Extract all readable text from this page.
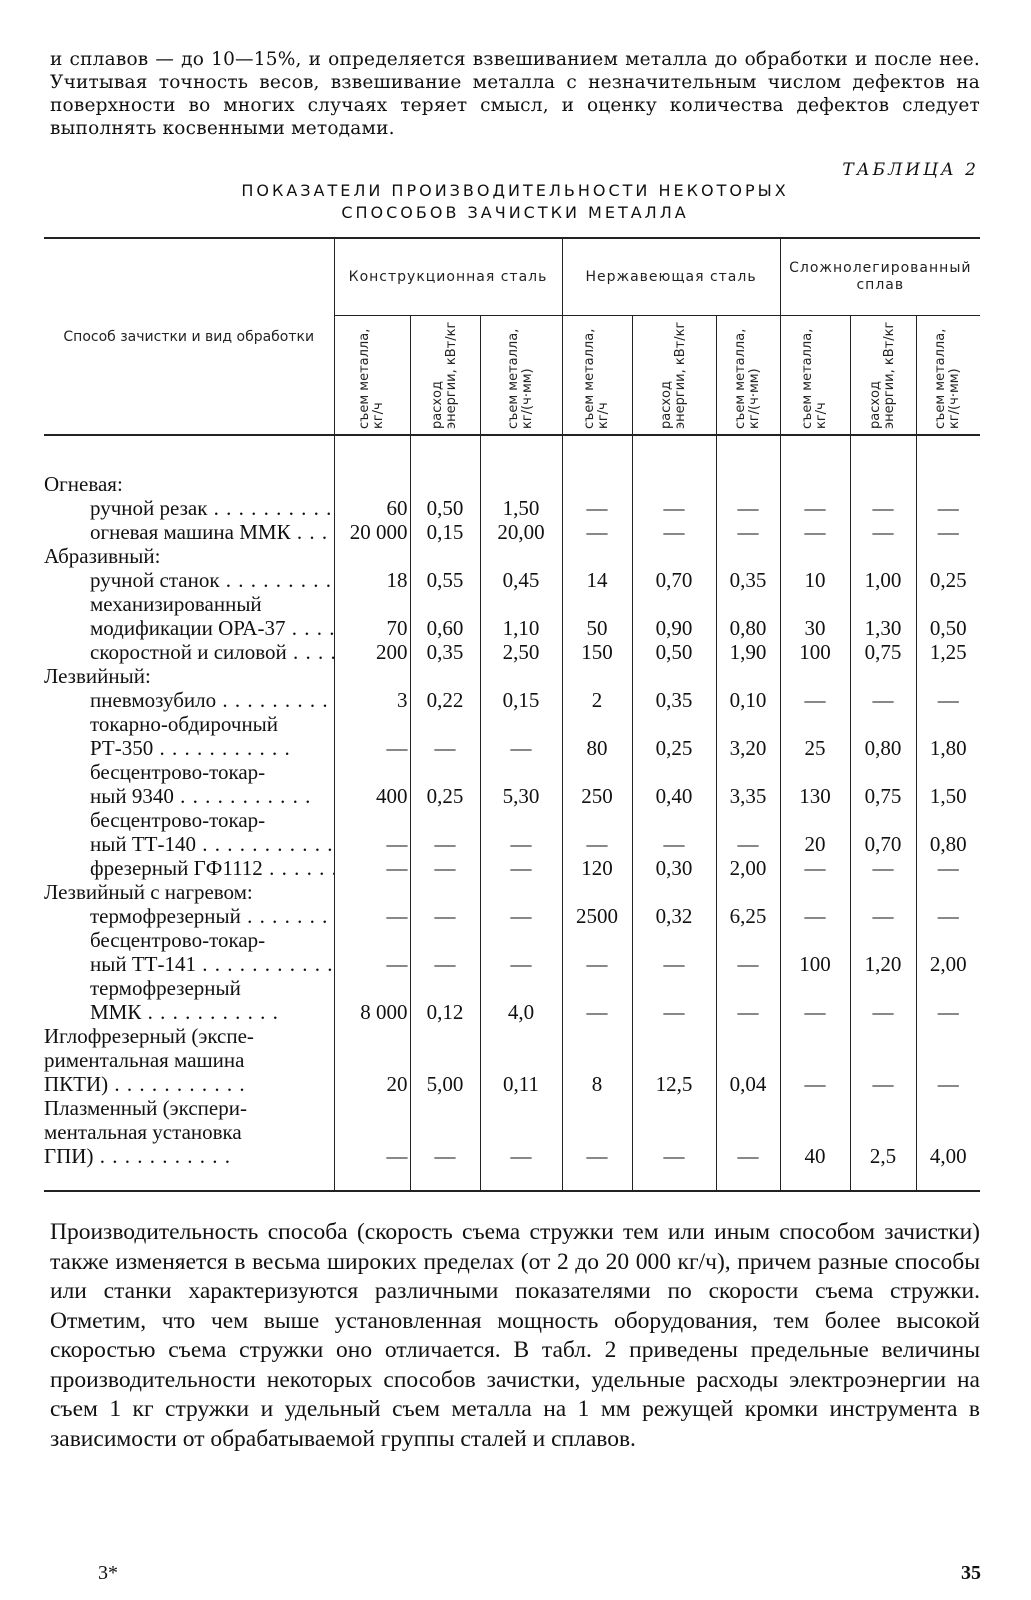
и сплавов — до 10—15%, и определяется взвешиванием металла до обработки и после нее. Учитывая точность весов, взвешивание металла с незначительным числом дефектов на поверхности во многих случаях теряет смысл, и оценку количества дефектов следует выполнять косвенными методами.

ТАБЛИЦА 2
ПОКАЗАТЕЛИ ПРОИЗВОДИТЕЛЬНОСТИ НЕКОТОРЫХ
СПОСОБОВ ЗАЧИСТКИ МЕТАЛЛА
Способ зачистки и вид обработки	Конструкционная сталь			Нержавеющая сталь			Сложнолегированный сплав		

	съем металла, кг/ч	расход энергии, кВт/кг	съем металла, кг/(ч·мм)	съем металла, кг/ч	расход энергии, кВт/кг	съем металла, кг/(ч·мм)	съем металла, кг/ч	расход энергии, кВт/кг	съем металла, кг/(ч·мм)

Огневая:									

ручной резак . . .	60	0,50	1,50	—	—	—	—	—	—

огневая машина ММК . . .	20 000	0,15	20,00	—	—	—	—	—	—
Абразивный:									

ручной станок . . .	18	0,55	0,45	14	0,70	0,35	10	1,00	0,25

механизированный
модификации ОРА-37 . . .	70	0,60	1,10	50	0,90	0,80	30	1,30	0,50

скоростной и силовой . . .	200	0,35	2,50	150	0,50	1,90	100	0,75	1,25
Лезвийный:									

пневмозубило . . .	3	0,22	0,15	2	0,35	0,10	—	—	—

токарно-обдирочный
РТ-350 . . .	—	—	—	80	0,25	3,20	25	0,80	1,80

бесцентрово-токар-
ный 9340 . . .	400	0,25	5,30	250	0,40	3,35	130	0,75	1,50

бесцентрово-токар-
ный ТТ-140 . . .	—	—	—	—	—	—	20	0,70	0,80

фрезерный ГФ1112 . . .	—	—	—	120	0,30	2,00	—	—	—
Лезвийный с нагревом:									

термофрезерный . . .	—	—	—	2500	0,32	6,25	—	—	—

бесцентрово-токар-
ный ТТ-141 . . .	—	—	—	—	—	—	100	1,20	2,00

термофрезерный
ММК . . .	8 000	0,12	4,0	—	—	—	—	—	—

Иглофрезерный (экспе-риментальная машина
ПКТИ) . . .	20	5,00	0,11	8	12,5	0,04	—	—	—

Плазменный (экспери-ментальная установка
ГПИ) . . .	—	—	—	—	—	—	40	2,5	4,00

Производительность способа (скорость съема стружки тем или иным способом зачистки) также изменяется в весьма широких пределах (от 2 до 20 000 кг/ч), причем разные способы или станки характеризуются различными показателями по скорости съема стружки. Отметим, что чем выше установленная мощность оборудования, тем более высокой скоростью съема стружки оно отличается. В табл. 2 приведены предельные величины производительности некоторых способов зачистки, удельные расходы электроэнергии на съем 1 кг стружки и удельный съем металла на 1 мм режущей кромки инструмента в зависимости от обрабатываемой группы сталей и сплавов.

3*	35
